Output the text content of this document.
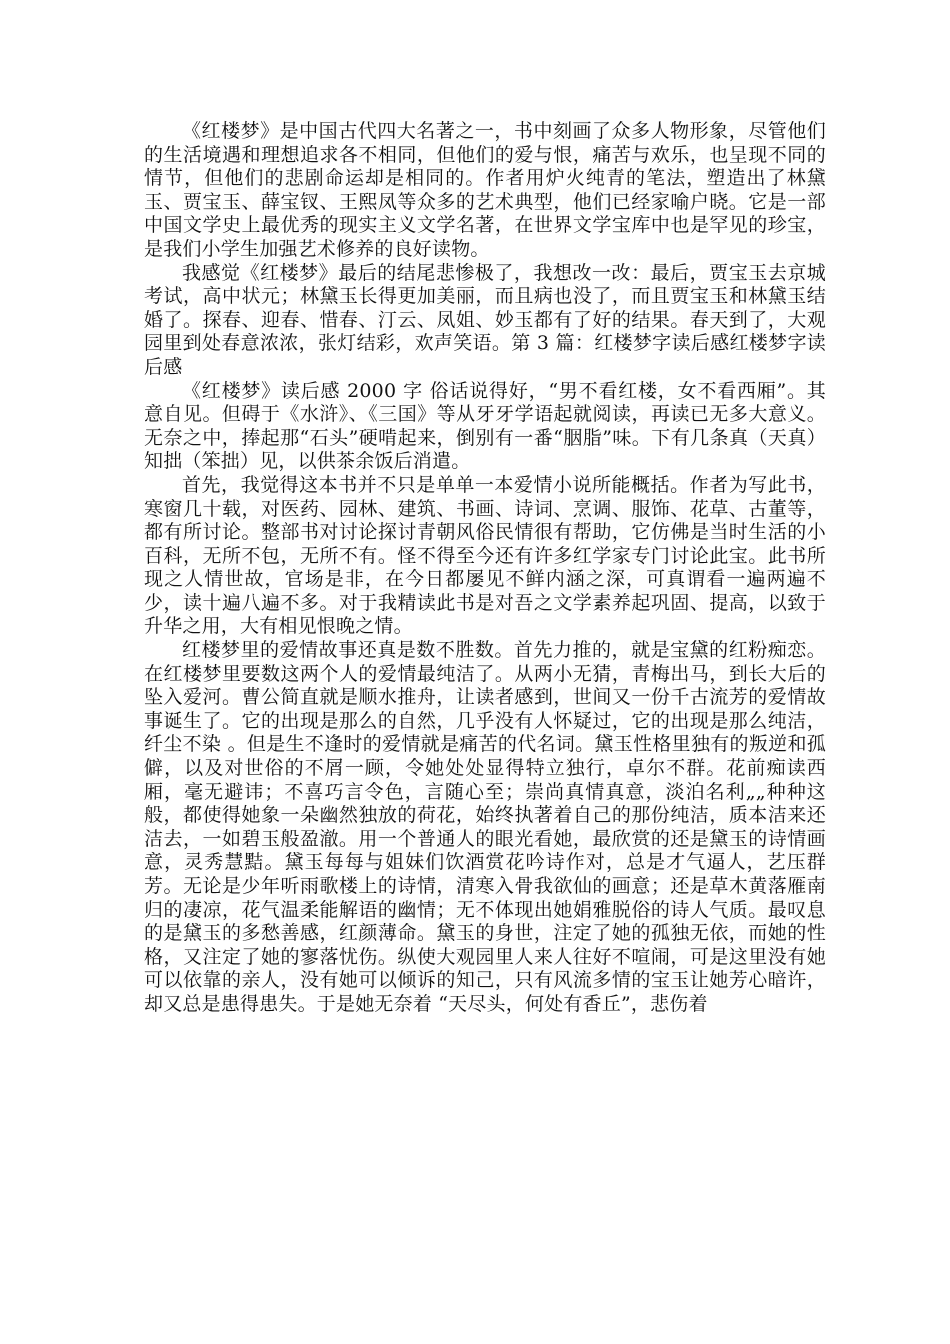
《红楼梦》是中国古代四大名著之一，书中刻画了众多人物形象，尽管他们的生活境遇和理想追求各不相同，但他们的爱与恨，痛苦与欢乐，也呈现不同的情节，但他们的悲剧命运却是相同的。作者用炉火纯青的笔法，塑造出了林黛玉、贾宝玉、薛宝钗、王熙凤等众多的艺术典型，他们已经家喻户晓。它是一部中国文学史上最优秀的现实主义文学名著，在世界文学宝库中也是罕见的珍宝，是我们小学生加强艺术修养的良好读物。

我感觉《红楼梦》最后的结尾悲惨极了，我想改一改：最后，贾宝玉去京城考试，高中状元；林黛玉长得更加美丽，而且病也没了，而且贾宝玉和林黛玉结婚了。探春、迎春、惜春、汀云、凤姐、妙玉都有了好的结果。春天到了，大观园里到处春意浓浓，张灯结彩，欢声笑语。第 3 篇：红楼梦字读后感红楼梦字读后感

《红楼梦》读后感 2000 字 俗话说得好，“男不看红楼，女不看西厢”。其意自见。但碍于《水浒》、《三国》等从牙牙学语起就阅读，再读已无多大意义。无奈之中，捧起那“石头”硬啃起来，倒别有一番“胭脂”味。下有几条真（天真）知拙（笨拙）见，以供茶余饭后消遣。

首先，我觉得这本书并不只是单单一本爱情小说所能概括。作者为写此书，寒窗几十载，对医药、园林、建筑、书画、诗词、烹调、服饰、花草、古董等，都有所讨论。整部书对讨论探讨青朝风俗民情很有帮助，它仿佛是当时生活的小百科，无所不包，无所不有。怪不得至今还有许多红学家专门讨论此宝。此书所现之人情世故，官场是非，在今日都屡见不鲜内涵之深，可真谓看一遍两遍不少，读十遍八遍不多。对于我精读此书是对吾之文学素养起巩固、提高，以致于升华之用，大有相见恨晚之情。

红楼梦里的爱情故事还真是数不胜数。首先力推的，就是宝黛的红粉痴恋。在红楼梦里要数这两个人的爱情最纯洁了。从两小无猜，青梅出马，到长大后的坠入爱河。曹公简直就是顺水推舟，让读者感到，世间又一份千古流芳的爱情故事诞生了。它的出现是那么的自然，几乎没有人怀疑过，它的出现是那么纯洁，纤尘不染 。但是生不逢时的爱情就是痛苦的代名词。黛玉性格里独有的叛逆和孤僻，以及对世俗的不屑一顾，令她处处显得特立独行，卓尔不群。花前痴读西厢，毫无避讳；不喜巧言令色，言随心至；崇尚真情真意，淡泊名利„„种种这般，都使得她象一朵幽然独放的荷花，始终执著着自己的那份纯洁，质本洁来还洁去，一如碧玉般盈澈。用一个普通人的眼光看她，最欣赏的还是黛玉的诗情画意，灵秀慧黠。黛玉每每与姐妹们饮酒赏花吟诗作对，总是才气逼人，艺压群芳。无论是少年听雨歌楼上的诗情，清寒入骨我欲仙的画意；还是草木黄落雁南归的凄凉，花气温柔能解语的幽情；无不体现出她娟雅脱俗的诗人气质。最叹息的是黛玉的多愁善感，红颜薄命。黛玉的身世，注定了她的孤独无依，而她的性格，又注定了她的寥落忧伤。纵使大观园里人来人往好不喧闹，可是这里没有她可以依靠的亲人，没有她可以倾诉的知己，只有风流多情的宝玉让她芳心暗许，却又总是患得患失。于是她无奈着 “天尽头，何处有香丘”，悲伤着
